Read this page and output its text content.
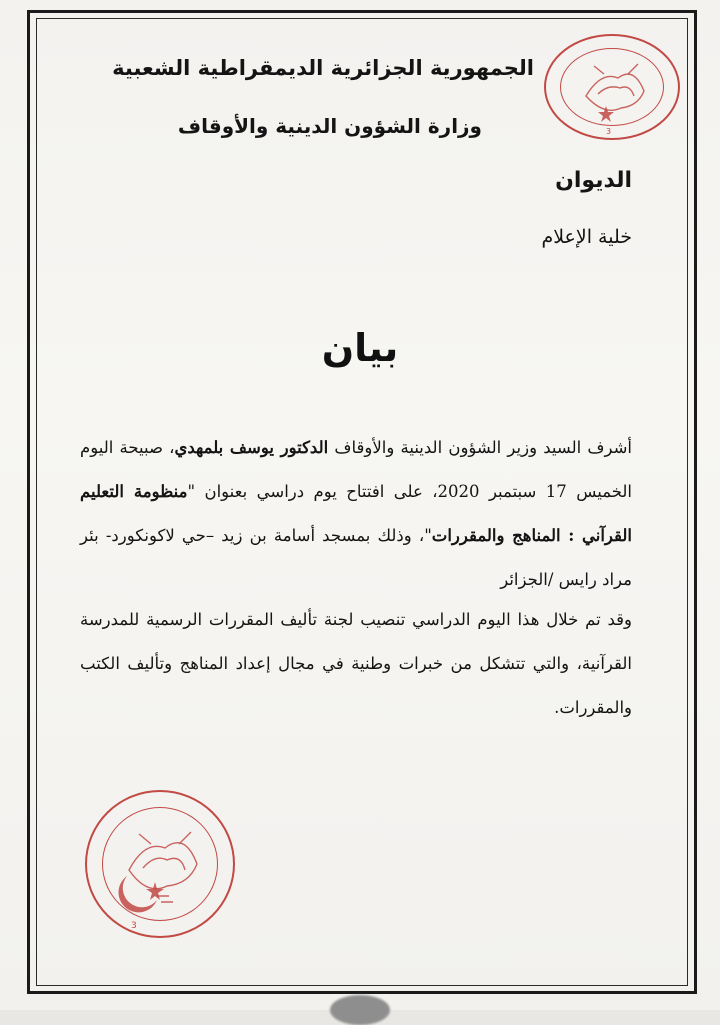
الجمهورية الجزائرية الديمقراطية الشعبية
وزارة الشؤون الدينية والأوقاف
الديوان
خلية الإعلام
بيان

أشرف السيد وزير الشؤون الدينية والأوقاف الدكتور يوسف بلمهدي، صبيحة اليوم الخميس 17 سبتمبر 2020، على افتتاح يوم دراسي بعنوان "منظومة التعليم القرآني : المناهج والمقررات"، وذلك بمسجد أسامة بن زيد –حي لاكونكورد- بئر مراد رايس /الجزائر

وقد تم خلال هذا اليوم الدراسي تنصيب لجنة تأليف المقررات الرسمية للمدرسة القرآنية، والتي تتشكل من خبرات وطنية في مجال إعداد المناهج وتأليف الكتب والمقررات.

3
3
